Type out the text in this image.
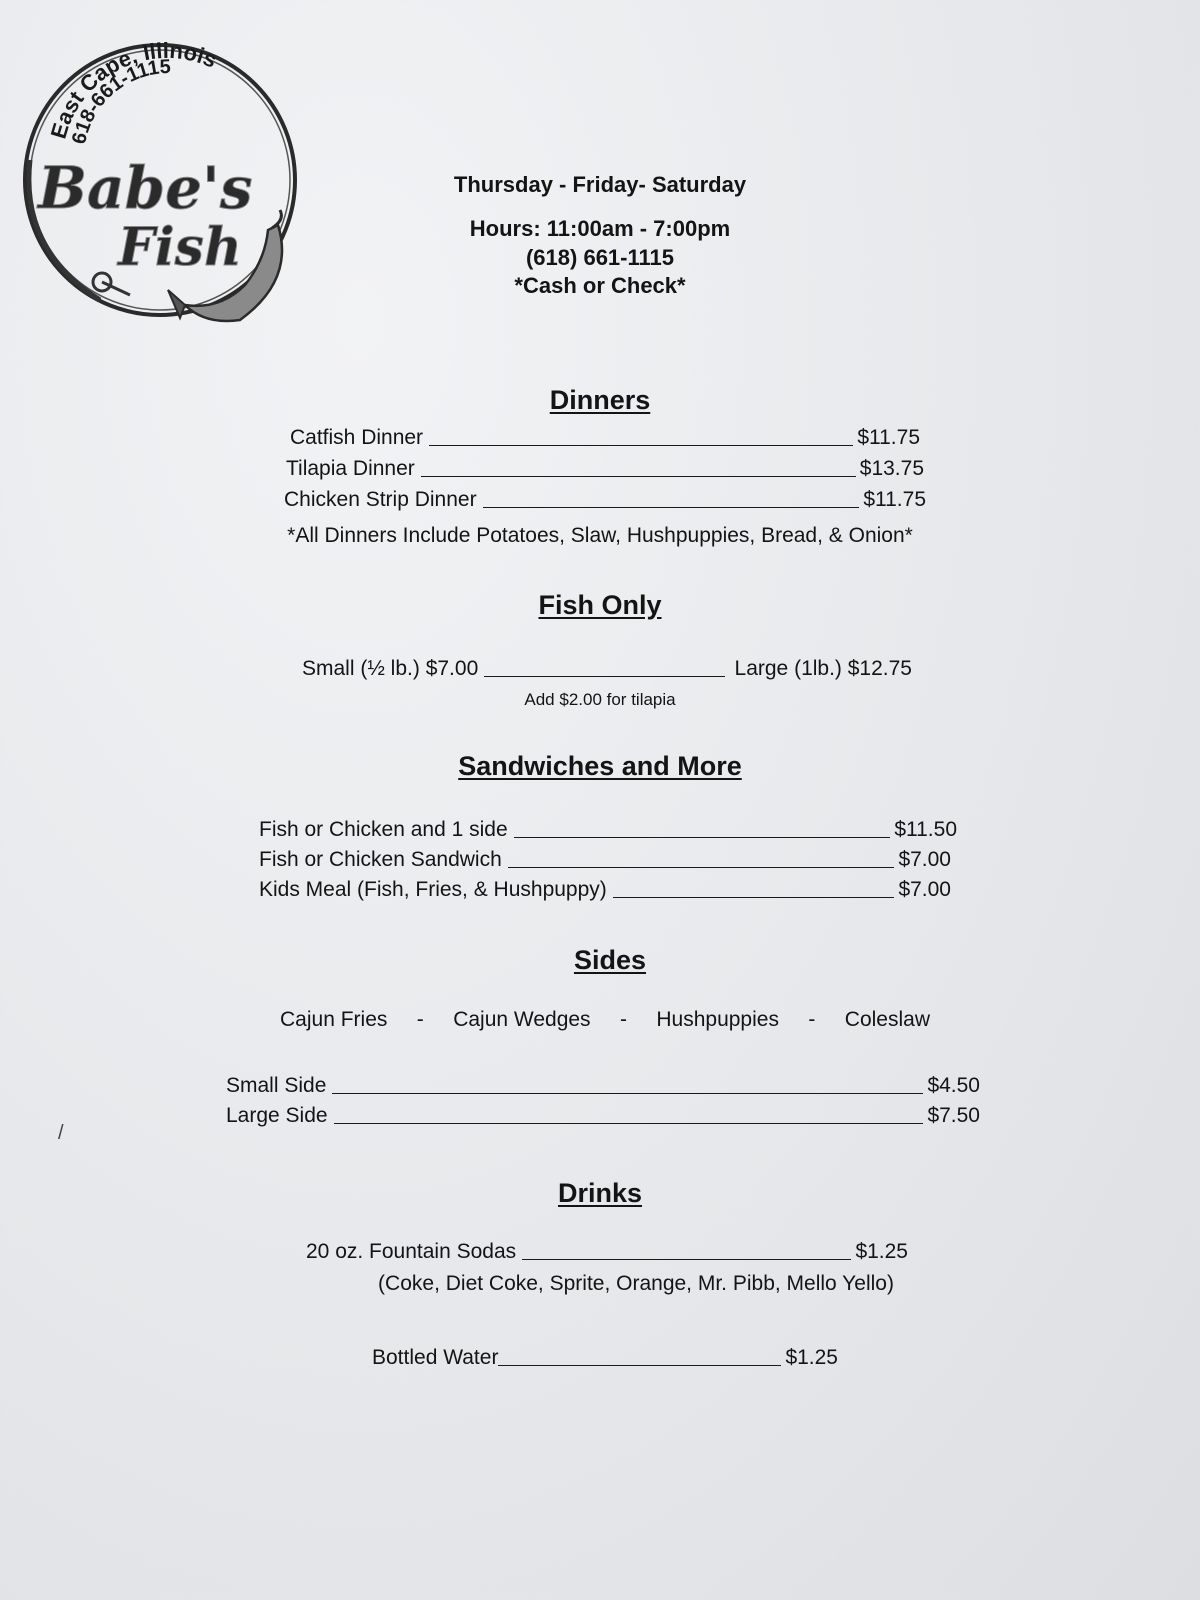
East Cape, Illinois
618-661-1115
Babe's
Fish
Thursday - Friday- Saturday
Hours: 11:00am - 7:00pm
(618) 661-1115
*Cash or Check*
Dinners
Catfish Dinner	$11.75
Tilapia Dinner	$13.75
Chicken Strip Dinner	$11.75
*All Dinners Include Potatoes, Slaw, Hushpuppies, Bread, & Onion*
Fish Only
Small (½ lb.) $7.00	Large (1lb.) $12.75
Add $2.00 for tilapia
Sandwiches and More
Fish or Chicken and 1 side	$11.50
Fish or Chicken Sandwich	$7.00
Kids Meal (Fish, Fries, & Hushpuppy)	$7.00
Sides
Cajun Fries - Cajun Wedges - Hushpuppies - Coleslaw
Small Side	$4.50
Large Side	$7.50
/
Drinks
20 oz. Fountain Sodas	$1.25
(Coke, Diet Coke, Sprite, Orange, Mr. Pibb, Mello Yello)
Bottled Water	$1.25
